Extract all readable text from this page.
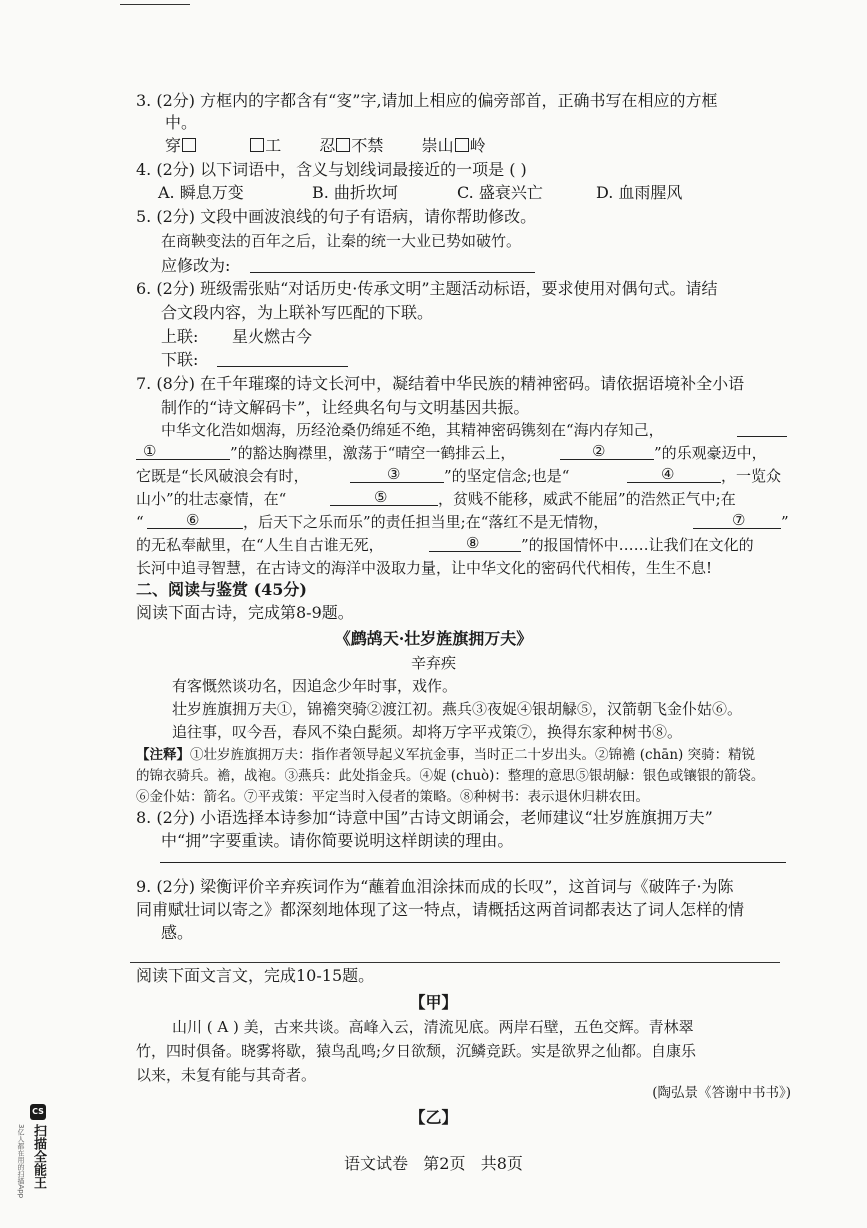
3. (2分) 方框内的字都含有“叜”字,请加上相应的偏旁部首，正确书写在相应的方框
中。
穿	工 忍 不禁 崇山 岭
4. (2分) 以下词语中，含义与划线词最接近的一项是 ( )
A. 瞬息万变	B. 曲折坎坷	C. 盛衰兴亡	D. 血雨腥风
5. (2分) 文段中画波浪线的句子有语病，请你帮助修改。
在商鞅变法的百年之后，让秦的统一大业已势如破竹。
应修改为:
6. (2分) 班级需张贴“对话历史·传承文明”主题活动标语，要求使用对偶句式。请结
合文段内容，为上联补写匹配的下联。
上联: 星火燃古今
下联:
7. (8分) 在千年璀璨的诗文长河中，凝结着中华民族的精神密码。请依据语境补全小语
制作的“诗文解码卡”，让经典名句与文明基因共振。
中华文化浩如烟海，历经沧桑仍绵延不绝，其精神密码镌刻在“海内存知己，
①	”的豁达胸襟里，激荡于“晴空一鹤排云上，	②	”的乐观豪迈中，
它既是“长风破浪会有时，	③	”的坚定信念;也是“	④	，一览众
山小”的壮志豪情，在“	⑤	，贫贱不能移，威武不能屈”的浩然正气中;在
“	⑥	，后天下之乐而乐”的责任担当里;在“落红不是无情物，	⑦ ”
的无私奉献里，在“人生自古谁无死，	⑧	”的报国情怀中……让我们在文化的
长河中追寻智慧，在古诗文的海洋中汲取力量，让中华文化的密码代代相传，生生不息!
二、阅读与鉴赏 (45分)
阅读下面古诗，完成第8-9题。
《鹧鸪天·壮岁旌旗拥万夫》
辛弃疾
有客慨然谈功名，因追念少年时事，戏作。
壮岁旌旗拥万夫①，锦襜突骑②渡江初。燕兵③夜娖④银胡觮⑤，汉箭朝飞金仆姑⑥。
追往事，叹今吾，春风不染白髭须。却将万字平戎策⑦，换得东家种树书⑧。
【注释】①壮岁旌旗拥万夫：指作者领导起义军抗金事，当时正二十岁出头。②锦襜 (chān) 突骑：精锐
的锦衣骑兵。襜，战袍。③燕兵：此处指金兵。④娖 (chuò)：整理的意思⑤银胡觮：银色或镶银的箭袋。
⑥金仆姑：箭名。⑦平戎策：平定当时入侵者的策略。⑧种树书：表示退休归耕农田。
8. (2分) 小语选择本诗参加“诗意中国”古诗文朗诵会，老师建议“壮岁旌旗拥万夫”
中“拥”字要重读。请你简要说明这样朗读的理由。
9. (2分) 梁衡评价辛弃疾词作为“蘸着血泪涂抹而成的长叹”，这首词与《破阵子·为陈
同甫赋壮词以寄之》都深刻地体现了这一特点，请概括这两首词都表达了词人怎样的情
感。
阅读下面文言文，完成10-15题。
【甲】
山川 ( A ) 美，古来共谈。高峰入云，清流见底。两岸石壁，五色交辉。青林翠
竹，四时俱备。晓雾将歇，猿鸟乱鸣;夕日欲颓，沉鳞竞跃。实是欲界之仙都。自康乐
以来，未复有能与其奇者。
(陶弘景《答谢中书书》)
【乙】
语文试卷   第2页   共8页
CS
扫描全能王
3亿人都在用的扫描App
